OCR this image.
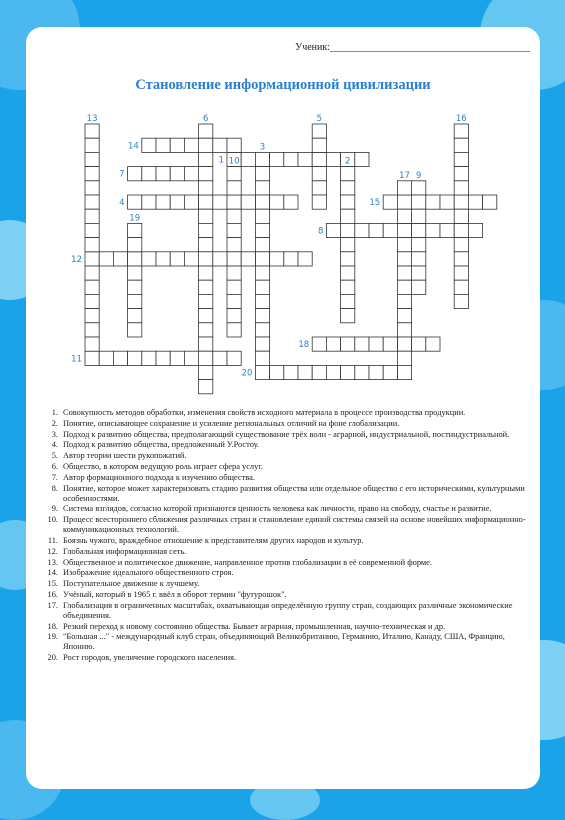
Ученик:________________________________________
Становление информационной цивилизации
1	2
3
4
5
6
7
8
9
10
11
12
13
14
15
16
17
18
19
20
1. Совокупность методов обработки, изменения свойств исходного материала в процессе производства продукции.
2. Понятие, описывающее сохранение и усиление региональных отличий на фоне глобализации.
3. Подход к развитию общества, предполагающий существование трёх волн - аграрной, индустриальной, постиндустриальной.
4. Подход к развитию общества, предложенный У.Ростоу.
5. Автор теории шести рукопожатий.
6. Общество, в котором ведущую роль играет сфера услуг.
7. Автор формационного подхода к изучению общества.
8. Понятие, которое может характеризовать стадию развития общества или отдельное общество с его историческими, культурными особенностями.
9. Система взглядов, согласно которой признаются ценность человека как личности, право на свободу, счастье и развитие.
10. Процесс всестороннего сближения различных стран и становление единой системы связей на основе новейших информационно-коммуникационных технологий.
11. Боязнь чужого, враждебное отношение к представителям других народов и культур.
12. Глобальная информационная сеть.
13. Общественное и политическое движение, направленное против глобализации в её современной форме.
14. Изображение идеального общественного строя.
15. Поступательное движение к лучшему.
16. Учёный, который в 1965 г. ввёл в оборот термин "футурошок".
17. Глобализация в ограниченных масштабах, охватывающая определённую группу стран, создающих различные экономические объединения.
18. Резкий переход к новому состоянию общества. Бывает аграрная, промышленная, научно-техническая и др.
19. "Большая ..." - международный клуб стран, объединяющий Великобританию, Германию, Италию, Канаду, США, Францию, Японию.
20. Рост городов, увеличение городского населения.
